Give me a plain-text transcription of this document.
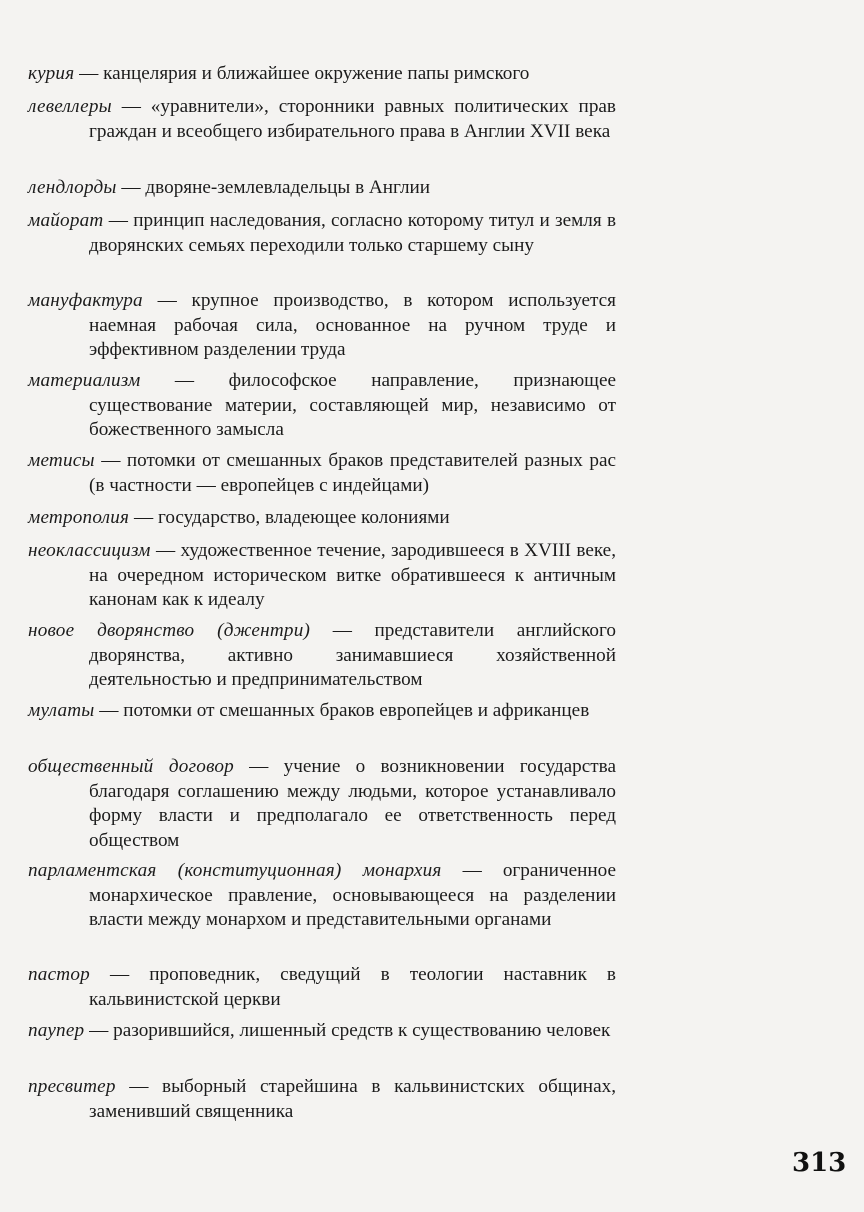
курия — канцелярия и ближайшее окружение папы римского
левеллеры — «уравнители», сторонники равных политических прав граждан и всеобщего избирательного права в Англии XVII века
лендлорды — дворяне-землевладельцы в Англии
майорат — принцип наследования, согласно которому титул и земля в дворянских семьях переходили только старшему сыну
мануфактура — крупное производство, в котором используется наемная рабочая сила, основанное на ручном труде и эффективном разделении труда
материализм — философское направление, признающее существование материи, составляющей мир, независимо от божественного замысла
метисы — потомки от смешанных браков представителей разных рас (в частности — европейцев с индейцами)
метрополия — государство, владеющее колониями
неоклассицизм — художественное течение, зародившееся в XVIII веке, на очередном историческом витке обратившееся к античным канонам как к идеалу
новое дворянство (джентри) — представители английского дворянства, активно занимавшиеся хозяйственной деятельностью и предпринимательством
мулаты — потомки от смешанных браков европейцев и африканцев
общественный договор — учение о возникновении государства благодаря соглашению между людьми, которое устанавливало форму власти и предполагало ее ответственность перед обществом
парламентская (конституционная) монархия — ограниченное монархическое правление, основывающееся на разделении власти между монархом и представительными органами
пастор — проповедник, сведущий в теологии наставник в кальвинистской церкви
паупер — разорившийся, лишенный средств к существованию человек
пресвитер — выборный старейшина в кальвинистских общинах, заменивший священника
313
